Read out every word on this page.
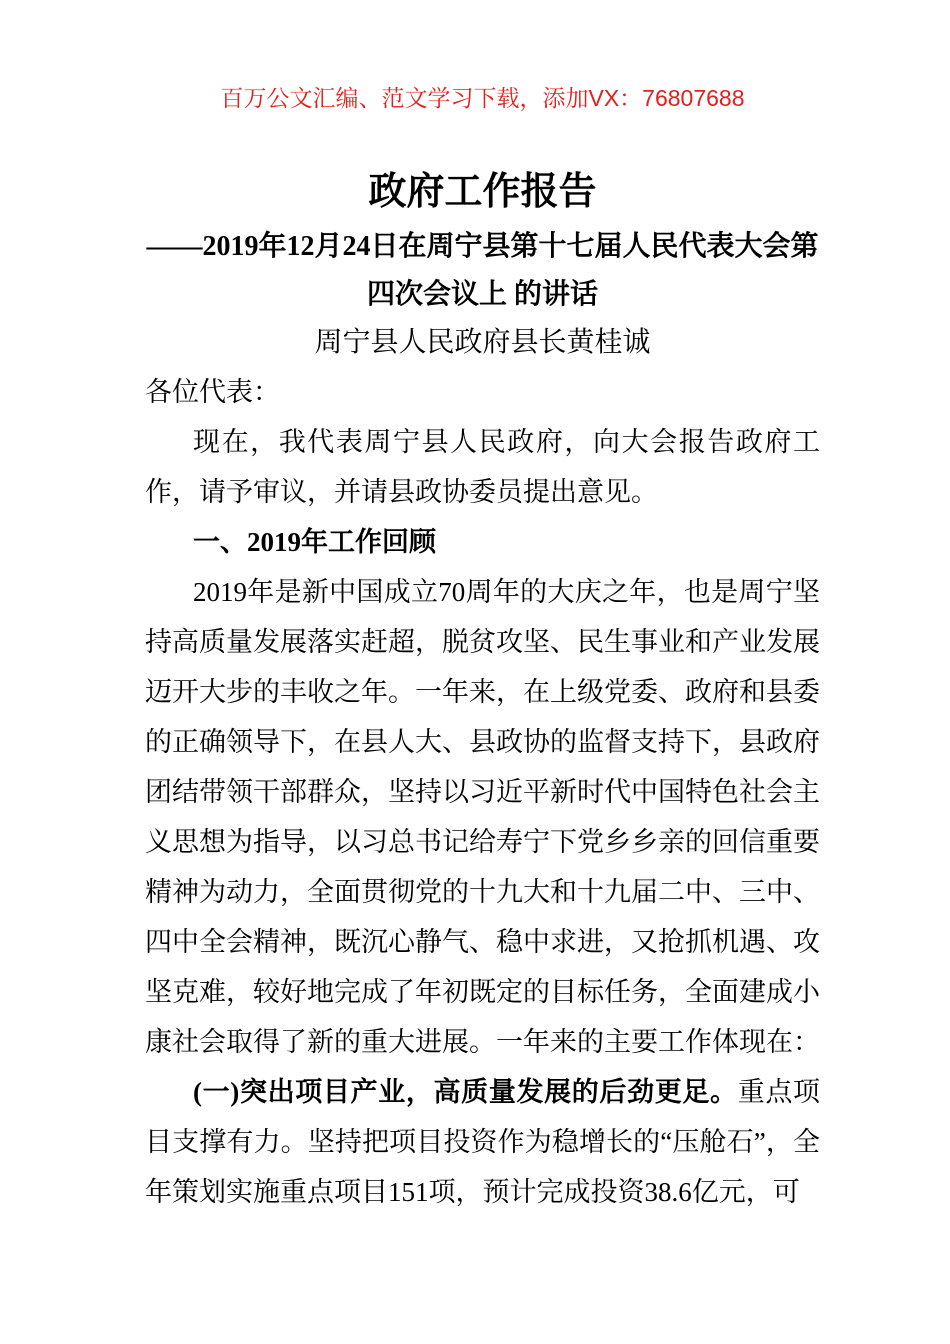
百万公文汇编、范文学习下载，添加VX：76807688
政府工作报告
——2019年12月24日在周宁县第十七届人民代表大会第
四次会议上 的讲话
周宁县人民政府县长黄桂诚

各位代表：

现在，我代表周宁县人民政府，向大会报告政府工作，请予审议，并请县政协委员提出意见。

一、2019年工作回顾

2019年是新中国成立70周年的大庆之年，也是周宁坚持高质量发展落实赶超，脱贫攻坚、民生事业和产业发展迈开大步的丰收之年。一年来，在上级党委、政府和县委的正确领导下，在县人大、县政协的监督支持下，县政府团结带领干部群众，坚持以习近平新时代中国特色社会主义思想为指导，以习总书记给寿宁下党乡乡亲的回信重要精神为动力，全面贯彻党的十九大和十九届二中、三中、四中全会精神，既沉心静气、稳中求进，又抢抓机遇、攻坚克难，较好地完成了年初既定的目标任务，全面建成小康社会取得了新的重大进展。一年来的主要工作体现在：

(一)突出项目产业，高质量发展的后劲更足。重点项目支撑有力。坚持把项目投资作为稳增长的“压舱石”，全年策划实施重点项目151项，预计完成投资38.6亿元，可
